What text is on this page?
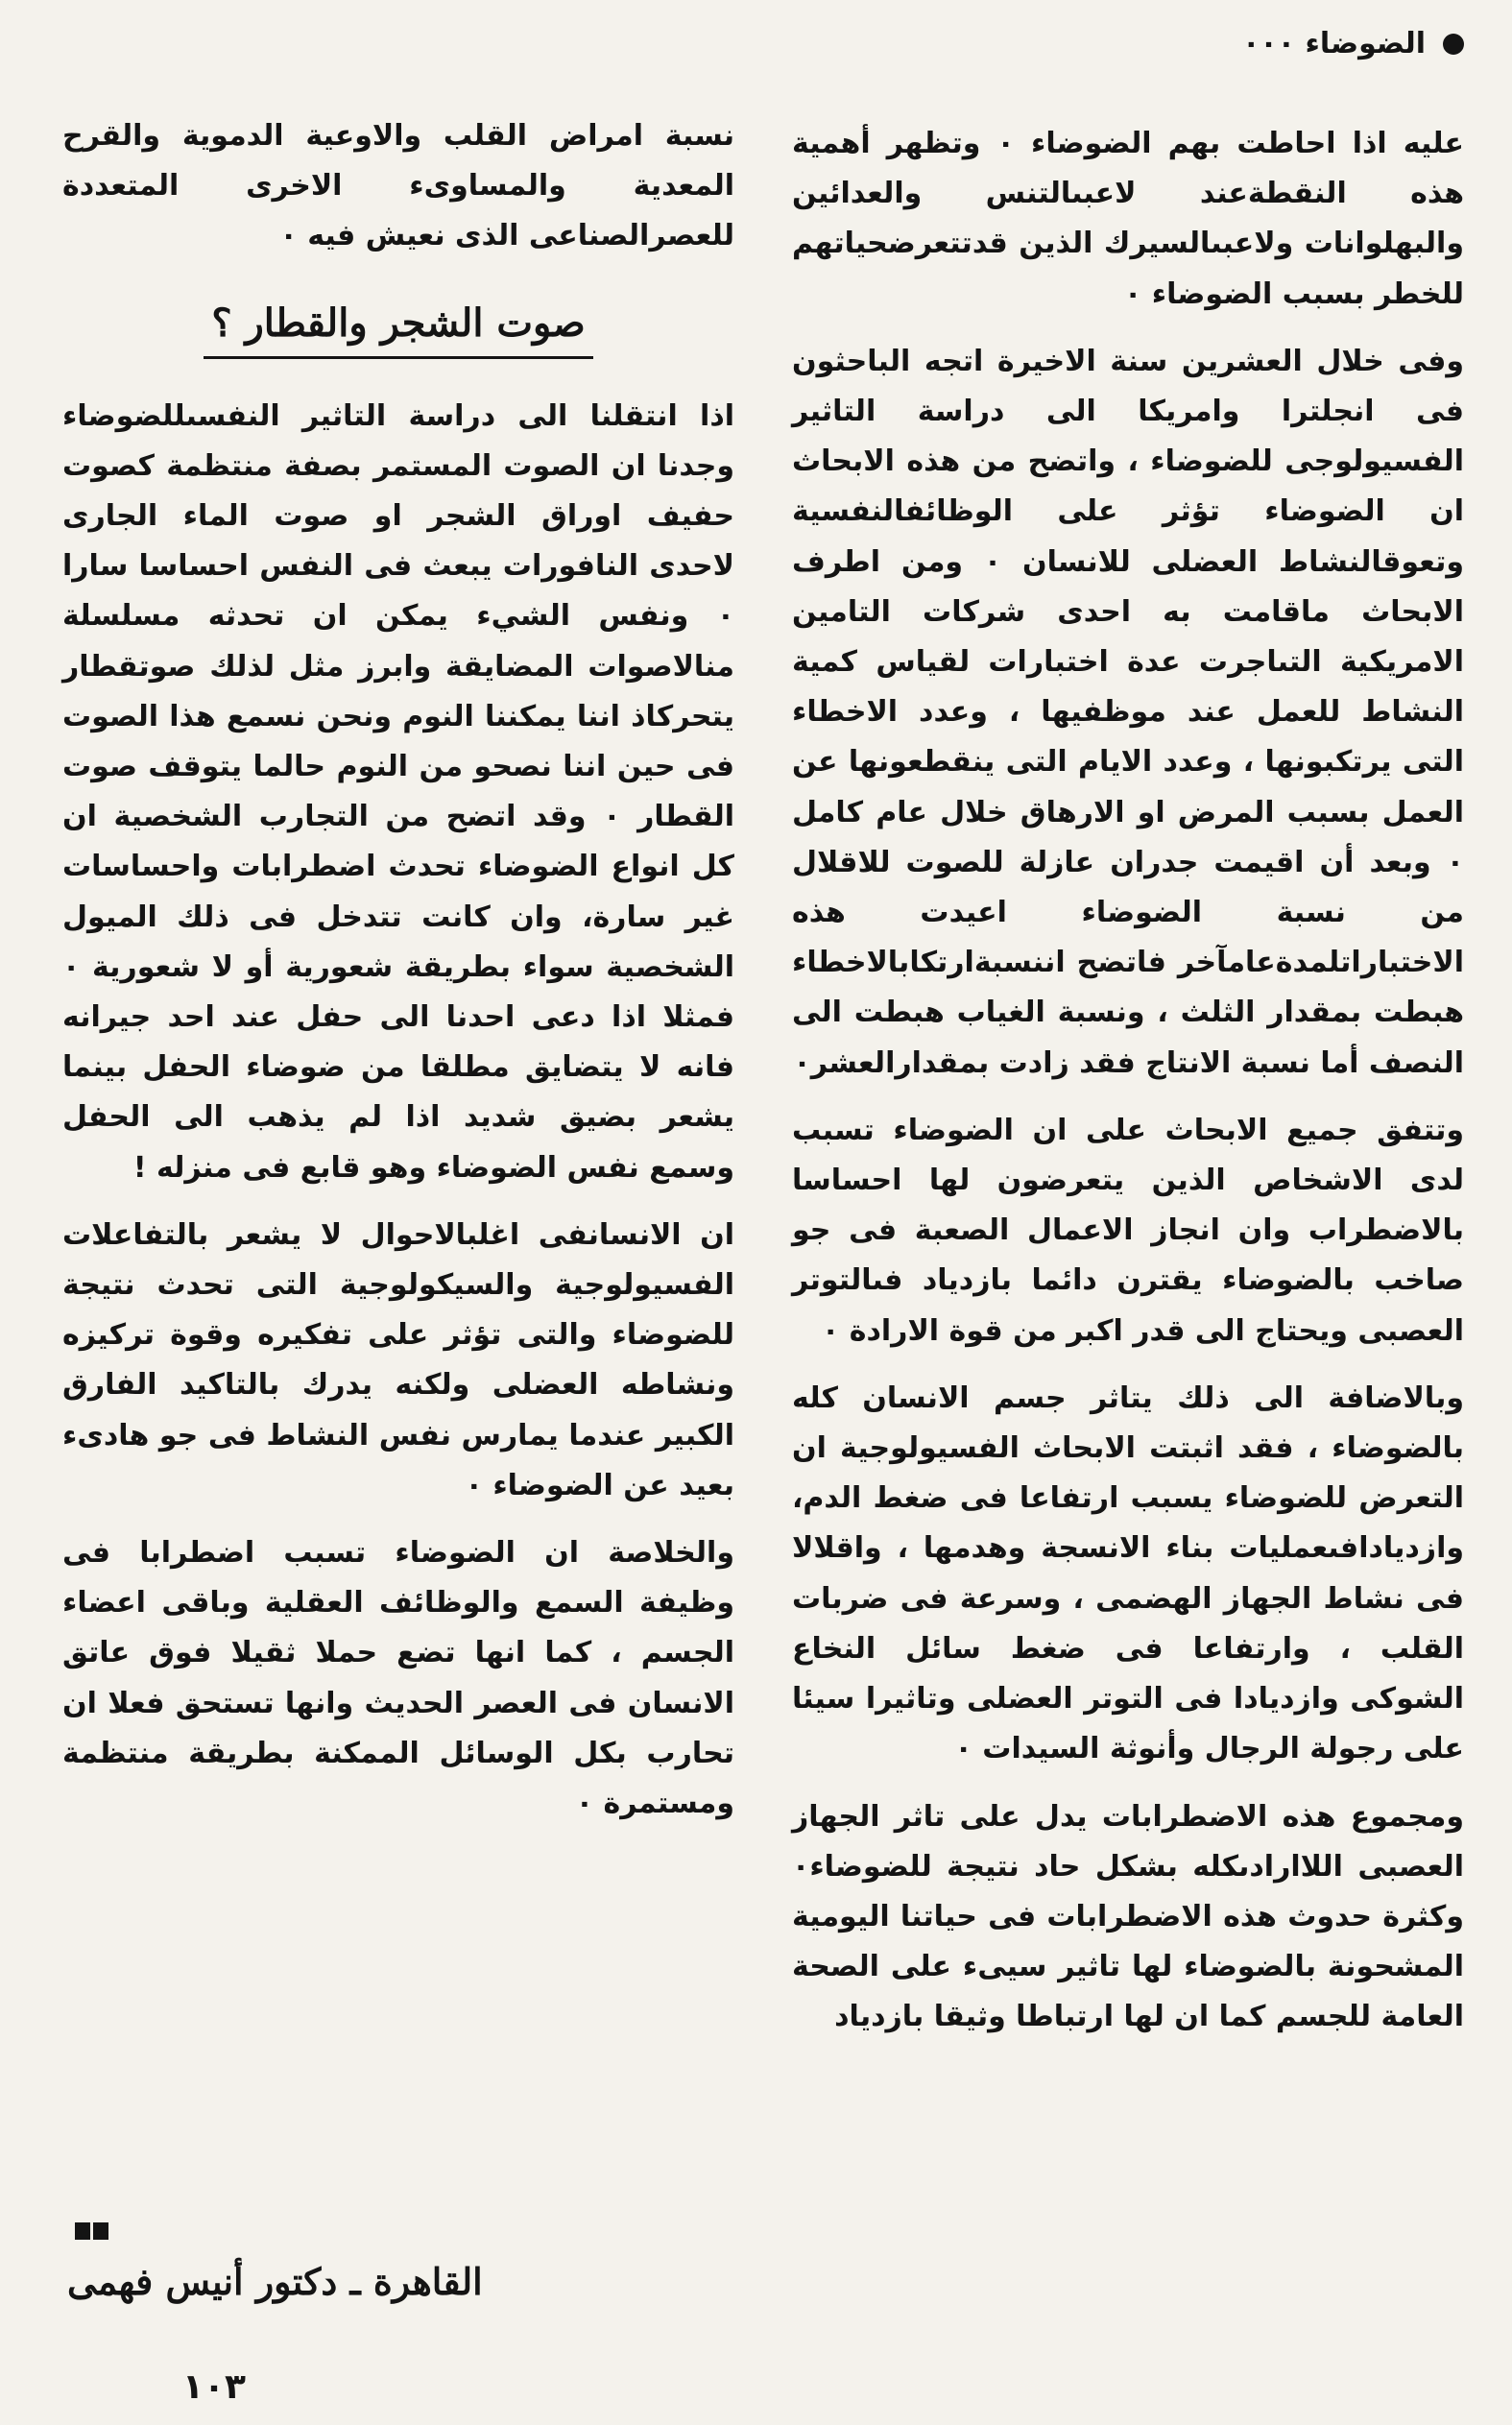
الضوضاء ٠٠٠

عليه اذا احاطت بهم الضوضاء ٠ وتظهر أهمية هذه النقطةعند لاعبىالتنس والعدائين والبهلوانات ولاعبىالسيرك الذين قدتتعرضحياتهم للخطر بسبب الضوضاء ٠

وفى خلال العشرين سنة الاخيرة اتجه الباحثون فى انجلترا وامريكا الى دراسة التاثير الفسيولوجى للضوضاء ، واتضح من هذه الابحاث ان الضوضاء تؤثر على الوظائفالنفسية وتعوقالنشاط العضلى للانسان ٠ ومن اطرف الابحاث ماقامت به احدى شركات التامين الامريكية التىاجرت عدة اختبارات لقياس كمية النشاط للعمل عند موظفيها ، وعدد الاخطاء التى يرتكبونها ، وعدد الايام التى ينقطعونها عن العمل بسبب المرض او الارهاق خلال عام كامل ٠ وبعد أن اقيمت جدران عازلة للصوت للاقلال من نسبة الضوضاء اعيدت هذه الاختباراتلمدةعامآخر فاتضح اننسبةارتكابالاخطاء هبطت بمقدار الثلث ، ونسبة الغياب هبطت الى النصف أما نسبة الانتاج فقد زادت بمقدارالعشر٠

وتتفق جميع الابحاث على ان الضوضاء تسبب لدى الاشخاص الذين يتعرضون لها احساسا بالاضطراب وان انجاز الاعمال الصعبة فى جو صاخب بالضوضاء يقترن دائما بازدياد فىالتوتر العصبى ويحتاج الى قدر اكبر من قوة الارادة ٠

وبالاضافة الى ذلك يتاثر جسم الانسان كله بالضوضاء ، فقد اثبتت الابحاث الفسيولوجية ان التعرض للضوضاء يسبب ارتفاعا فى ضغط الدم، وازديادافىعمليات بناء الانسجة وهدمها ، واقلالا فى نشاط الجهاز الهضمى ، وسرعة فى ضربات القلب ، وارتفاعا فى ضغط سائل النخاع الشوكى وازديادا فى التوتر العضلى وتاثيرا سيئا على رجولة الرجال وأنوثة السيدات ٠

ومجموع هذه الاضطرابات يدل على تاثر الجهاز العصبى اللاارادىكله بشكل حاد نتيجة للضوضاء٠ وكثرة حدوث هذه الاضطرابات فى حياتنا اليومية المشحونة بالضوضاء لها تاثير سيىء على الصحة العامة للجسم كما ان لها ارتباطا وثيقا بازدياد

نسبة امراض القلب والاوعية الدموية والقرح المعدية والمساوىء الاخرى المتعددة للعصرالصناعى الذى نعيش فيه ٠

صوت الشجر والقطار ؟

اذا انتقلنا الى دراسة التاثير النفسىللضوضاء وجدنا ان الصوت المستمر بصفة منتظمة كصوت حفيف اوراق الشجر او صوت الماء الجارى لاحدى النافورات يبعث فى النفس احساسا سارا ٠ ونفس الشيء يمكن ان تحدثه مسلسلة منالاصوات المضايقة وابرز مثل لذلك صوتقطار يتحركاذ اننا يمكننا النوم ونحن نسمع هذا الصوت فى حين اننا نصحو من النوم حالما يتوقف صوت القطار ٠ وقد اتضح من التجارب الشخصية ان كل انواع الضوضاء تحدث اضطرابات واحساسات غير سارة، وان كانت تتدخل فى ذلك الميول الشخصية سواء بطريقة شعورية أو لا شعورية ٠ فمثلا اذا دعى احدنا الى حفل عند احد جيرانه فانه لا يتضايق مطلقا من ضوضاء الحفل بينما يشعر بضيق شديد اذا لم يذهب الى الحفل وسمع نفس الضوضاء وهو قابع فى منزله !

ان الانسانفى اغلبالاحوال لا يشعر بالتفاعلات الفسيولوجية والسيكولوجية التى تحدث نتيجة للضوضاء والتى تؤثر على تفكيره وقوة تركيزه ونشاطه العضلى ولكنه يدرك بالتاكيد الفارق الكبير عندما يمارس نفس النشاط فى جو هادىء بعيد عن الضوضاء ٠

والخلاصة ان الضوضاء تسبب اضطرابا فى وظيفة السمع والوظائف العقلية وباقى اعضاء الجسم ، كما انها تضع حملا ثقيلا فوق عاتق الانسان فى العصر الحديث وانها تستحق فعلا ان تحارب بكل الوسائل الممكنة بطريقة منتظمة ومستمرة ٠

القاهرة ـ دكتور أنيس فهمى
١٠٣
